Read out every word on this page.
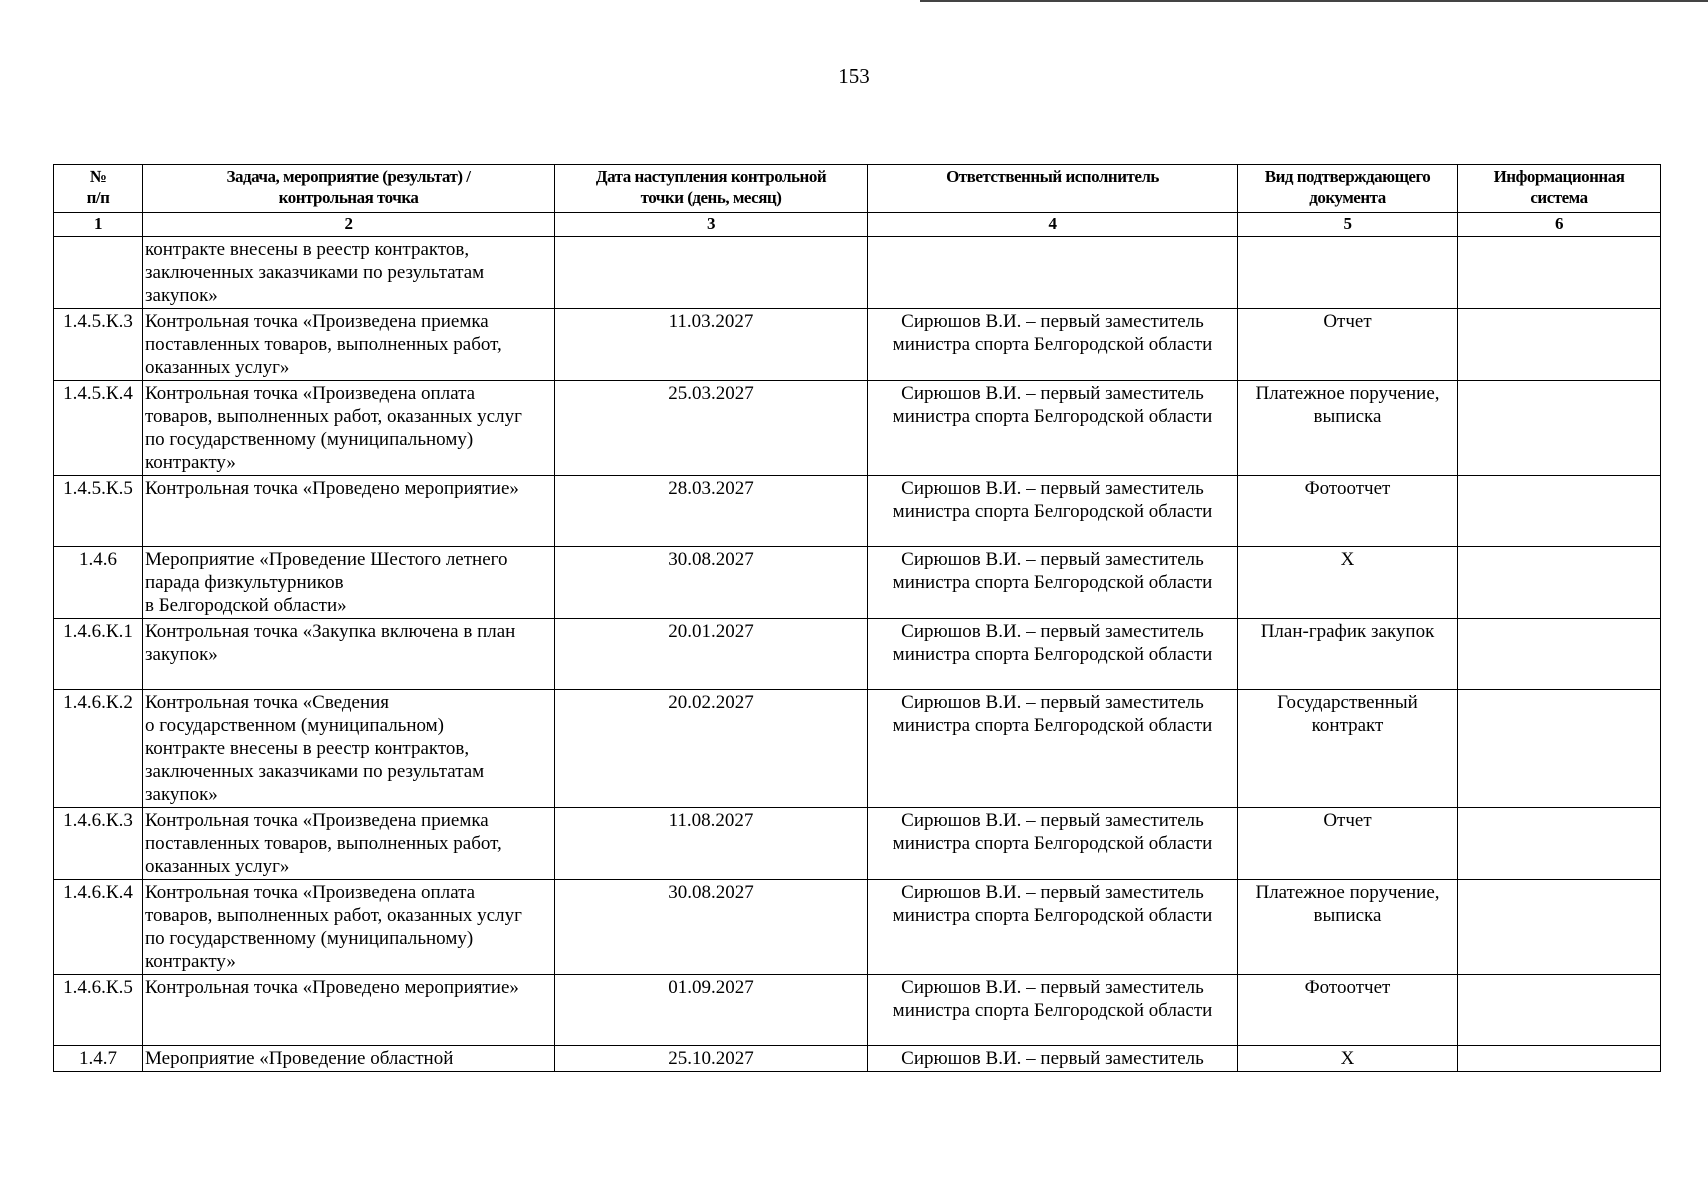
153
№
п/п	Задача, мероприятие (результат) /
контрольная точка	Дата наступления контрольной
точки (день, месяц)	Ответственный исполнитель	Вид подтверждающего
документа	Информационная
система

1	2	3	4	5	6

	контракте внесены в реестр контрактов,
заключенных заказчиками по результатам
закупок»				

1.4.5.К.3	Контрольная точка «Произведена приемка
поставленных товаров, выполненных работ,
оказанных услуг»	11.03.2027	Сирюшов В.И. – первый заместитель
министра спорта Белгородской области	Отчет	

1.4.5.К.4	Контрольная точка «Произведена оплата
товаров, выполненных работ, оказанных услуг
по государственному (муниципальному)
контракту»	25.03.2027	Сирюшов В.И. – первый заместитель
министра спорта Белгородской области	Платежное поручение,
выписка	

1.4.5.К.5	Контрольная точка «Проведено мероприятие»	28.03.2027	Сирюшов В.И. – первый заместитель
министра спорта Белгородской области	Фотоотчет	

1.4.6	Мероприятие «Проведение Шестого летнего
парада физкультурников
в Белгородской области»	30.08.2027	Сирюшов В.И. – первый заместитель
министра спорта Белгородской области	Х	

1.4.6.К.1	Контрольная точка «Закупка включена в план
закупок»	20.01.2027	Сирюшов В.И. – первый заместитель
министра спорта Белгородской области	План-график закупок	

1.4.6.К.2	Контрольная точка «Сведения
о государственном (муниципальном)
контракте внесены в реестр контрактов,
заключенных заказчиками по результатам
закупок»	20.02.2027	Сирюшов В.И. – первый заместитель
министра спорта Белгородской области	Государственный
контракт	

1.4.6.К.3	Контрольная точка «Произведена приемка
поставленных товаров, выполненных работ,
оказанных услуг»	11.08.2027	Сирюшов В.И. – первый заместитель
министра спорта Белгородской области	Отчет	

1.4.6.К.4	Контрольная точка «Произведена оплата
товаров, выполненных работ, оказанных услуг
по государственному (муниципальному)
контракту»	30.08.2027	Сирюшов В.И. – первый заместитель
министра спорта Белгородской области	Платежное поручение,
выписка	

1.4.6.К.5	Контрольная точка «Проведено мероприятие»	01.09.2027	Сирюшов В.И. – первый заместитель
министра спорта Белгородской области	Фотоотчет	

1.4.7	Мероприятие «Проведение областной	25.10.2027	Сирюшов В.И. – первый заместитель	Х	
